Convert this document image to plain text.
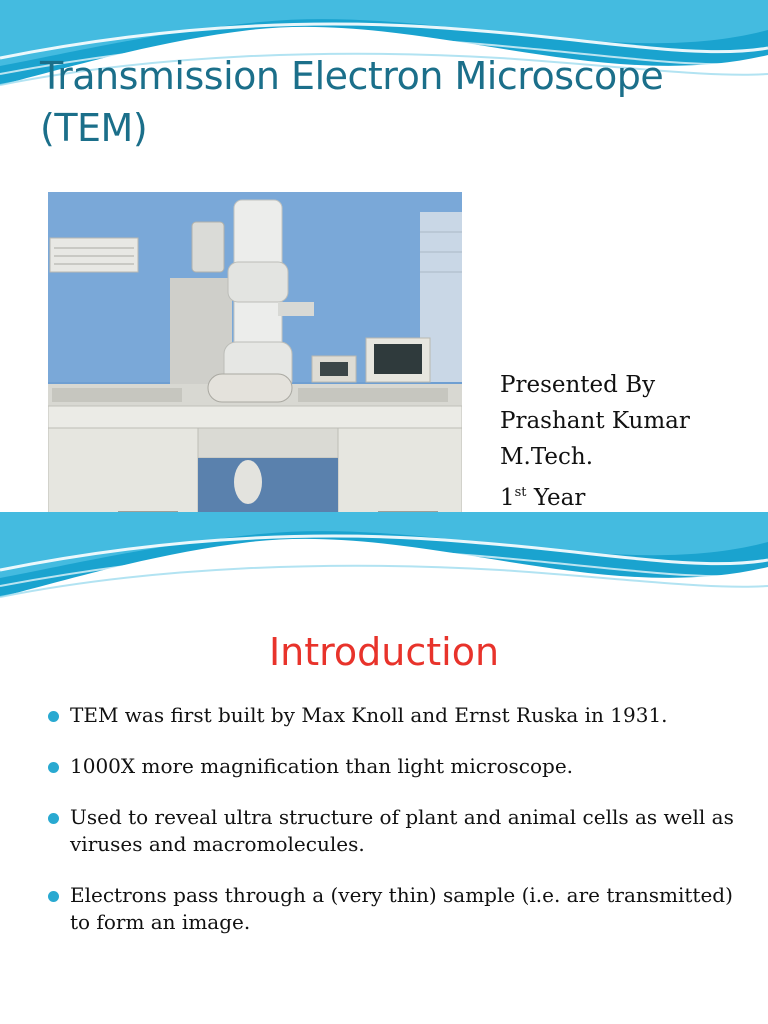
Transmission Electron Microscope (TEM)
Presented By
Prashant Kumar
M.Tech.
1st Year
Introduction
TEM was first built by Max Knoll and Ernst Ruska in 1931.
1000X more magnification than light microscope.
Used to reveal ultra structure of plant and animal cells as well as viruses and macromolecules.
Electrons pass through a (very thin) sample (i.e. are transmitted) to form an image.
